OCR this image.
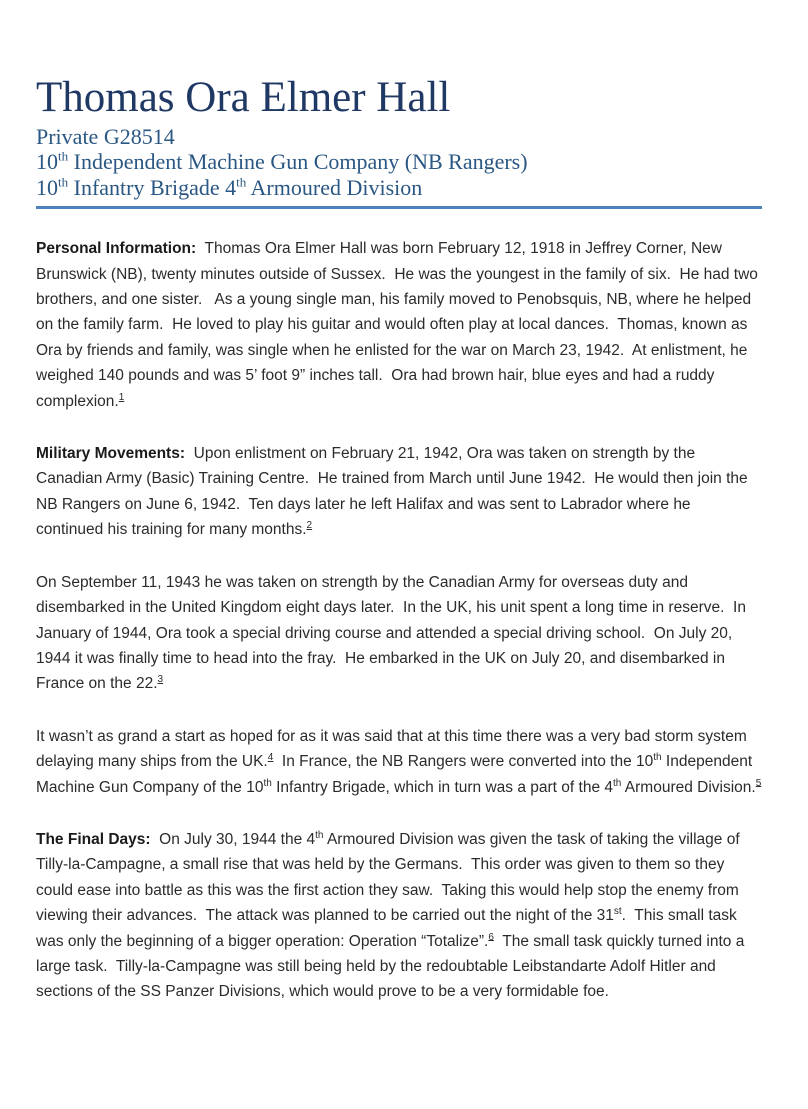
Thomas Ora Elmer Hall
Private G28514
10th Independent Machine Gun Company (NB Rangers)
10th Infantry Brigade 4th Armoured Division

Personal Information:  Thomas Ora Elmer Hall was born February 12, 1918 in Jeffrey Corner, New Brunswick (NB), twenty minutes outside of Sussex.  He was the youngest in the family of six.  He had two brothers, and one sister.   As a young single man, his family moved to Penobsquis, NB, where he helped on the family farm.  He loved to play his guitar and would often play at local dances.  Thomas, known as Ora by friends and family, was single when he enlisted for the war on March 23, 1942.  At enlistment, he weighed 140 pounds and was 5’ foot 9” inches tall.  Ora had brown hair, blue eyes and had a ruddy complexion.$^1$

Military Movements:  Upon enlistment on February 21, 1942, Ora was taken on strength by the Canadian Army (Basic) Training Centre.  He trained from March until June 1942.  He would then join the NB Rangers on June 6, 1942.  Ten days later he left Halifax and was sent to Labrador where he continued his training for many months.$^2$

On September 11, 1943 he was taken on strength by the Canadian Army for overseas duty and disembarked in the United Kingdom eight days later.  In the UK, his unit spent a long time in reserve.  In January of 1944, Ora took a special driving course and attended a special driving school.  On July 20, 1944 it was finally time to head into the fray.  He embarked in the UK on July 20, and disembarked in France on the 22.$^3$

It wasn’t as grand a start as hoped for as it was said that at this time there was a very bad storm system delaying many ships from the UK.$^4$  In France, the NB Rangers were converted into the 10th Independent Machine Gun Company of the 10th Infantry Brigade, which in turn was a part of the 4th Armoured Division.$^5$

The Final Days:  On July 30, 1944 the 4th Armoured Division was given the task of taking the village of Tilly-la-Campagne, a small rise that was held by the Germans.  This order was given to them so they could ease into battle as this was the first action they saw.  Taking this would help stop the enemy from viewing their advances.  The attack was planned to be carried out the night of the 31st.  This small task was only the beginning of a bigger operation: Operation “Totalize”.$^6$  The small task quickly turned into a large task.  Tilly-la-Campagne was still being held by the redoubtable Leibstandarte Adolf Hitler and sections of the SS Panzer Divisions, which would prove to be a very formidable foe.
